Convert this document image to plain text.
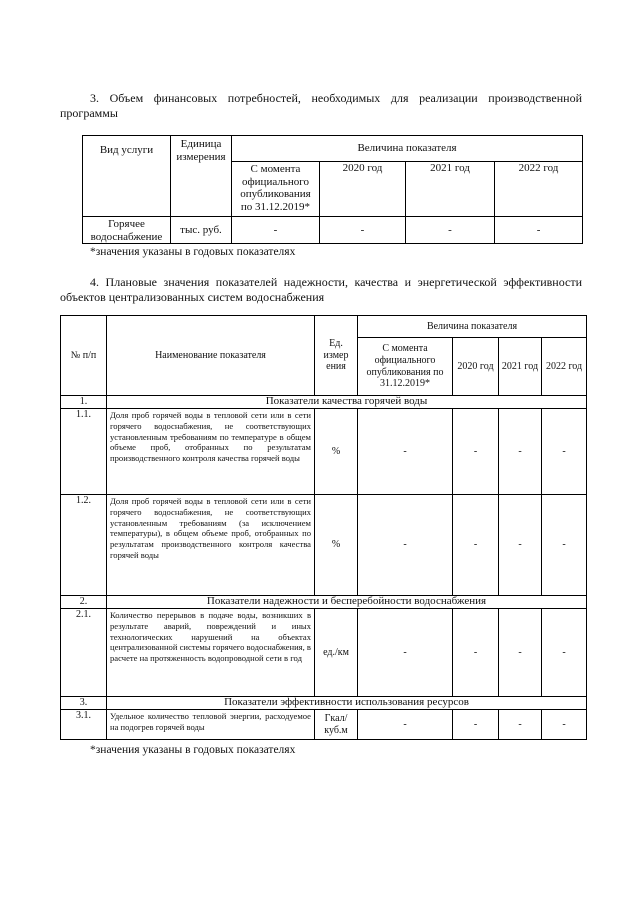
3. Объем финансовых потребностей, необходимых для реализации производственной программы

Вид услуги	Единица измерения	Величина показателя			
		С момента официального опубликования по 31.12.2019*	2020 год	2021 год	2022 год
Горячее водоснабжение	тыс. руб.	-	-	-	-

*значения указаны в годовых показателях

4. Плановые значения показателей надежности, качества и энергетической эффективности объектов централизованных систем водоснабжения

№ п/п	Наименование показателя	Ед. измер ения	Величина показателя			
			С момента официального опубликования по 31.12.2019*	2020 год	2021 год	2022 год
1.	Показатели качества горячей воды					
1.1.	Доля проб горячей воды в тепловой сети или в сети горячего водоснабжения, не соответствующих установленным требованиям по температуре в общем объеме проб, отобранных по результатам производственного контроля качества горячей воды	%	-	-	-	-
1.2.	Доля проб горячей воды в тепловой сети или в сети горячего водоснабжения, не соответствующих установленным требованиям (за исключением температуры), в общем объеме проб, отобранных по результатам производственного контроля качества горячей воды	%	-	-	-	-
2.	Показатели надежности и бесперебойности водоснабжения					
2.1.	Количество перерывов в подаче воды, возникших в результате аварий, повреждений и иных технологических нарушений на объектах централизованной системы горячего водоснабжения, в расчете на протяженность водопроводной сети в год	ед./км	-	-	-	-
3.	Показатели эффективности использования ресурсов					
3.1.	Удельное количество тепловой энергии, расходуемое на подогрев горячей воды	Гкал/куб.м	-	-	-	-

*значения указаны в годовых показателях
